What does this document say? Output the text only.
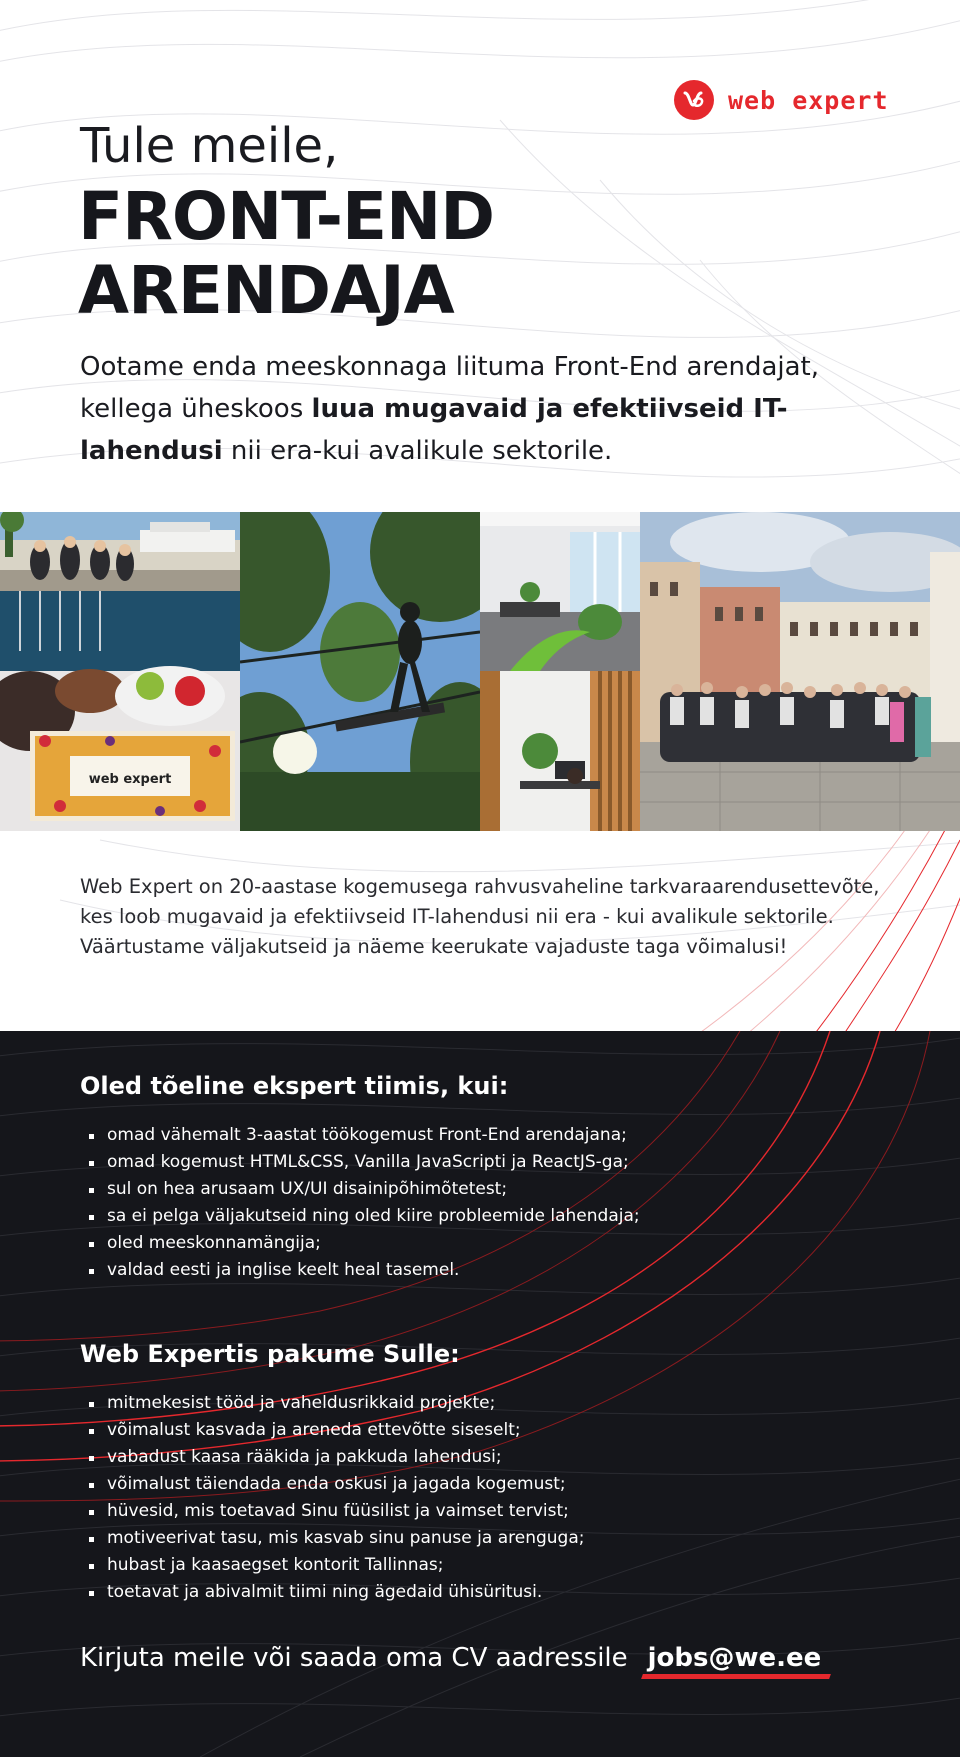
web expert

Tule meile,

FRONT-END
ARENDAJA

Ootame enda meeskonnaga liituma Front-End arendajat, kellega üheskoos luua mugavaid ja efektiivseid IT-lahendusi nii era-kui avalikule sektorile.

web expert

Web Expert on 20-aastase kogemusega rahvusvaheline tarkvaraarendusettevõte, kes loob mugavaid ja efektiivseid IT-lahendusi nii era - kui avalikule sektorile. Väärtustame väljakutseid ja näeme keerukate vajaduste taga võimalusi!

Oled tõeline ekspert tiimis, kui:
omad vähemalt 3-aastat töökogemust Front-End arendajana;
omad kogemust HTML&CSS, Vanilla JavaScripti ja ReactJS-ga;
sul on hea arusaam UX/UI disainipõhimõtetest;
sa ei pelga väljakutseid ning oled kiire probleemide lahendaja;
oled meeskonnamängija;
valdad eesti ja inglise keelt heal tasemel.
Web Expertis pakume Sulle:
mitmekesist tööd ja vaheldusrikkaid projekte;
võimalust kasvada ja areneda ettevõtte siseselt;
vabadust kaasa rääkida ja pakkuda lahendusi;
võimalust täiendada enda oskusi ja jagada kogemust;
hüvesid, mis toetavad Sinu füüsilist ja vaimset tervist;
motiveerivat tasu, mis kasvab sinu panuse ja arenguga;
hubast ja kaasaegset kontorit Tallinnas;
toetavat ja abivalmit tiimi ning ägedaid ühisüritusi.
Kirjuta meile või saada oma CV aadressile jobs@we.ee
